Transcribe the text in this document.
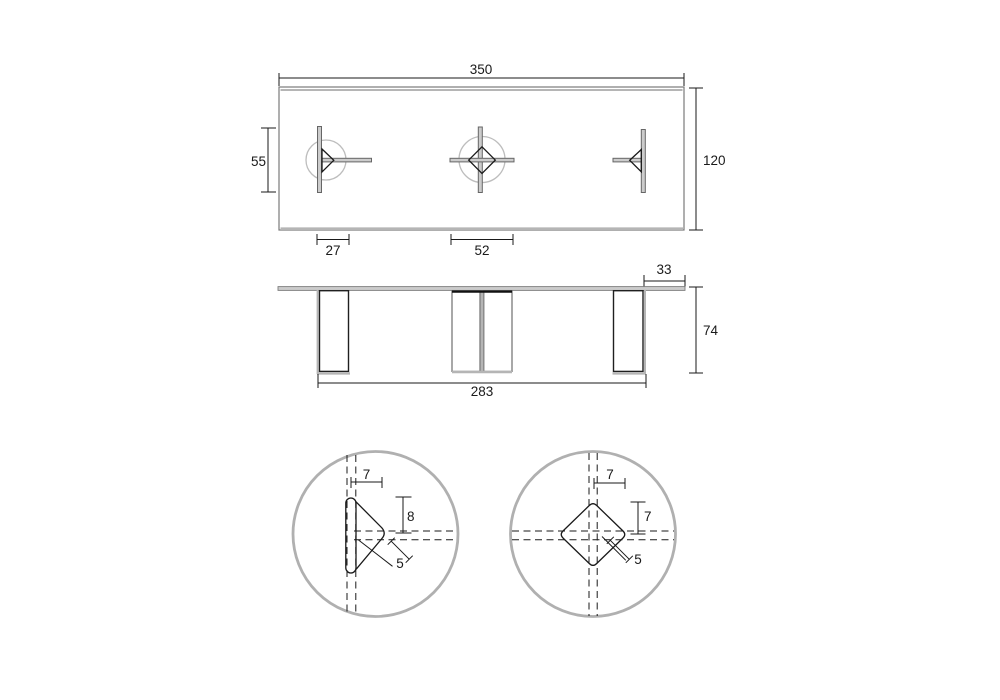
350
120
55
27	52
33
74
283
7
8
5
7
7
5
